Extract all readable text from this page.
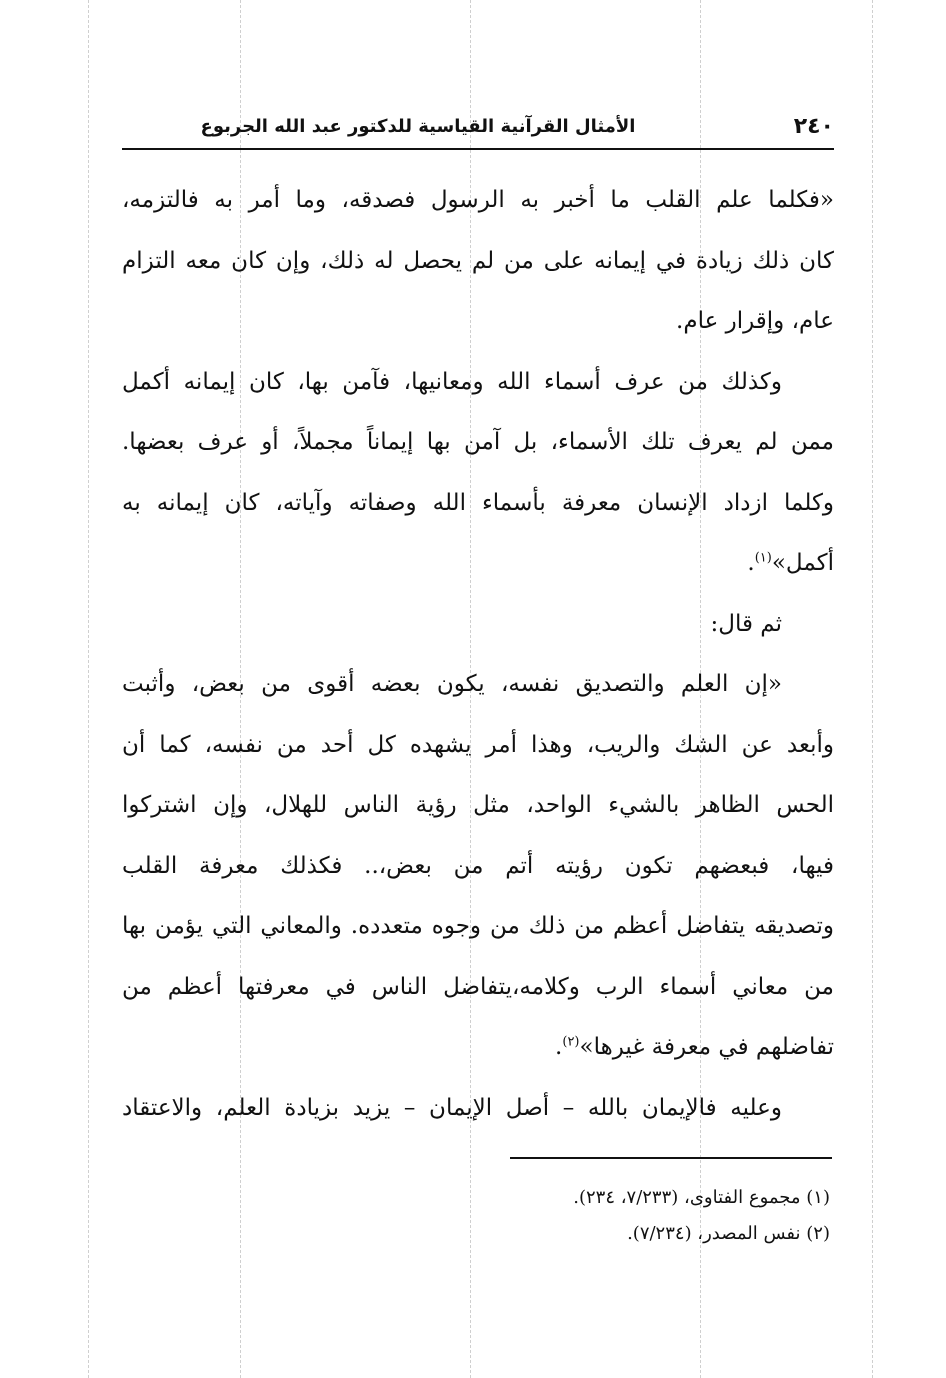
٢٤٠
الأمثال القرآنية القياسية للدكتور عبد الله الجربوع
«فكلما علم القلب ما أخبر به الرسول فصدقه، وما أمر به فالتزمه،
كان ذلك زيادة في إيمانه على من لم يحصل له ذلك، وإن كان معه التزام
عام، وإقرار عام.
وكذلك من عرف أسماء الله ومعانيها، فآمن بها، كان إيمانه أكمل
ممن لم يعرف تلك الأسماء، بل آمن بها إيماناً مجملاً، أو عرف بعضها.
وكلما ازداد الإنسان معرفة بأسماء الله وصفاته وآياته، كان إيمانه به
أكمل»$^{(١)}$.
ثم قال:
«إن العلم والتصديق نفسه، يكون بعضه أقوى من بعض، وأثبت
وأبعد عن الشك والريب، وهذا أمر يشهده كل أحد من نفسه، كما أن
الحس الظاهر بالشيء الواحد، مثل رؤية الناس للهلال، وإن اشتركوا
فيها، فبعضهم تكون رؤيته أتم من بعض،.. فكذلك معرفة القلب
وتصديقه يتفاضل أعظم من ذلك من وجوه متعدده. والمعاني التي يؤمن بها
من معاني أسماء الرب وكلامه،يتفاضل الناس في معرفتها أعظم من
تفاضلهم في معرفة غيرها»$^{(٢)}$.
وعليه فالإيمان بالله – أصل الإيمان – يزيد بزيادة العلم، والاعتقاد
(١) مجموع الفتاوى، (٧/٢٣٣، ٢٣٤).
(٢) نفس المصدر، (٧/٢٣٤).
